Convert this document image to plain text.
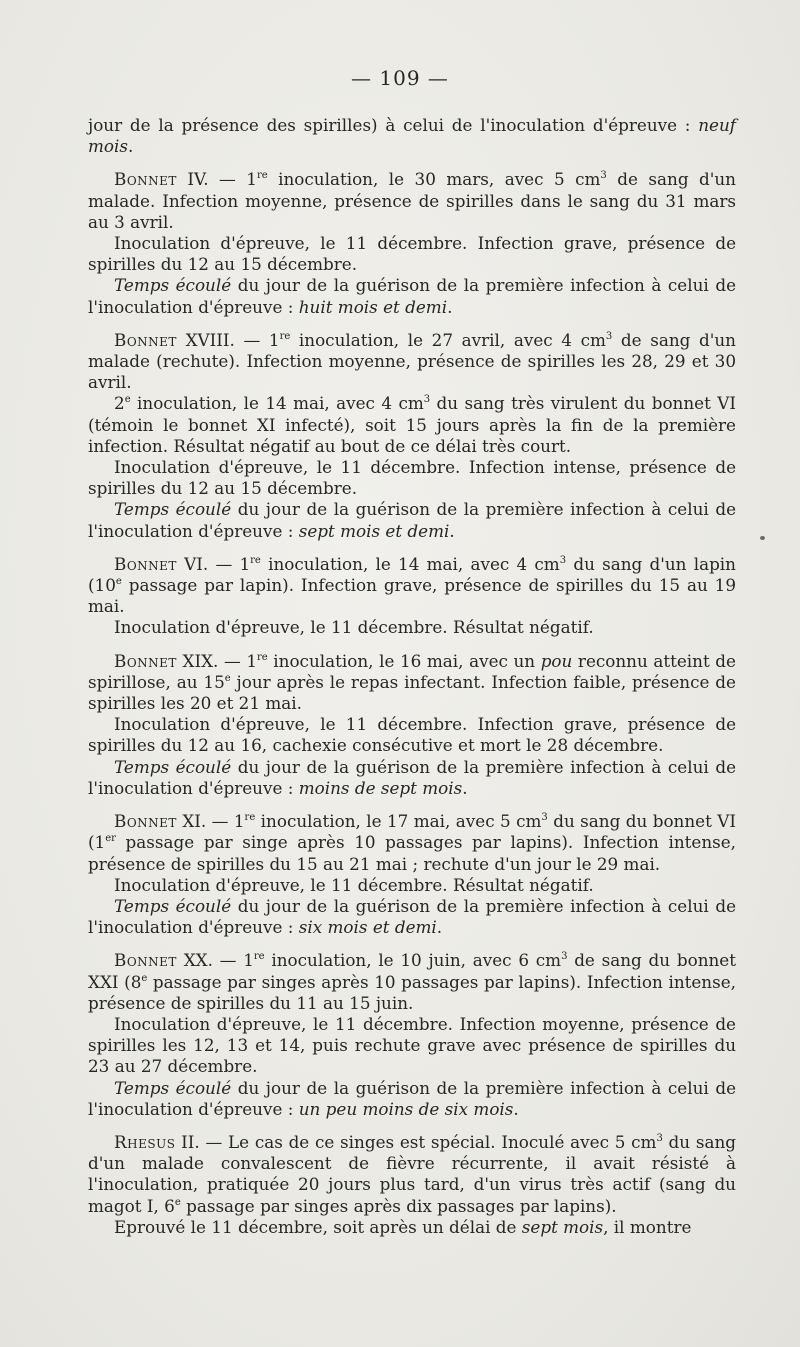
— 109 —

jour de la présence des spirilles) à celui de l'inoculation d'épreuve : neuf mois.

Bonnet IV. — 1re inoculation, le 30 mars, avec 5 $cm^3$ de sang d'un malade. Infection moyenne, présence de spirilles dans le sang du 31 mars au 3 avril.

Inoculation d'épreuve, le 11 décembre. Infection grave, présence de spirilles du 12 au 15 décembre.

Temps écoulé du jour de la guérison de la première infection à celui de l'inoculation d'épreuve : huit mois et demi.

Bonnet XVIII. — 1re inoculation, le 27 avril, avec 4 $cm^3$ de sang d'un malade (rechute). Infection moyenne, présence de spirilles les 28, 29 et 30 avril.

2e inoculation, le 14 mai, avec 4 $cm^3$ du sang très virulent du bonnet VI (témoin le bonnet XI infecté), soit 15 jours après la fin de la première infection. Résultat négatif au bout de ce délai très court.

Inoculation d'épreuve, le 11 décembre. Infection intense, présence de spirilles du 12 au 15 décembre.

Temps écoulé du jour de la guérison de la première infection à celui de l'inoculation d'épreuve : sept mois et demi.

Bonnet VI. — 1re inoculation, le 14 mai, avec 4 $cm^3$ du sang d'un lapin (10e passage par lapin). Infection grave, présence de spirilles du 15 au 19 mai.

Inoculation d'épreuve, le 11 décembre. Résultat négatif.

Bonnet XIX. — 1re inoculation, le 16 mai, avec un pou reconnu atteint de spirillose, au 15e jour après le repas infectant. Infection faible, présence de spirilles les 20 et 21 mai.

Inoculation d'épreuve, le 11 décembre. Infection grave, présence de spirilles du 12 au 16, cachexie consécutive et mort le 28 décembre.

Temps écoulé du jour de la guérison de la première infection à celui de l'inoculation d'épreuve : moins de sept mois.

Bonnet XI. — 1re inoculation, le 17 mai, avec 5 $cm^3$ du sang du bonnet VI (1er passage par singe après 10 passages par lapins). Infection intense, présence de spirilles du 15 au 21 mai ; rechute d'un jour le 29 mai.

Inoculation d'épreuve, le 11 décembre. Résultat négatif.

Temps écoulé du jour de la guérison de la première infection à celui de l'inoculation d'épreuve : six mois et demi.

Bonnet XX. — 1re inoculation, le 10 juin, avec 6 $cm^3$ de sang du bonnet XXI (8e passage par singes après 10 passages par lapins). Infection intense, présence de spirilles du 11 au 15 juin.

Inoculation d'épreuve, le 11 décembre. Infection moyenne, présence de spirilles les 12, 13 et 14, puis rechute grave avec présence de spirilles du 23 au 27 décembre.

Temps écoulé du jour de la guérison de la première infection à celui de l'inoculation d'épreuve : un peu moins de six mois.

Rhesus II. — Le cas de ce singes est spécial. Inoculé avec 5 $cm^3$ du sang d'un malade convalescent de fièvre récurrente, il avait résisté à l'inoculation, pratiquée 20 jours plus tard, d'un virus très actif (sang du magot I, 6e passage par singes après dix passages par lapins).

Eprouvé le 11 décembre, soit après un délai de sept mois, il montre
